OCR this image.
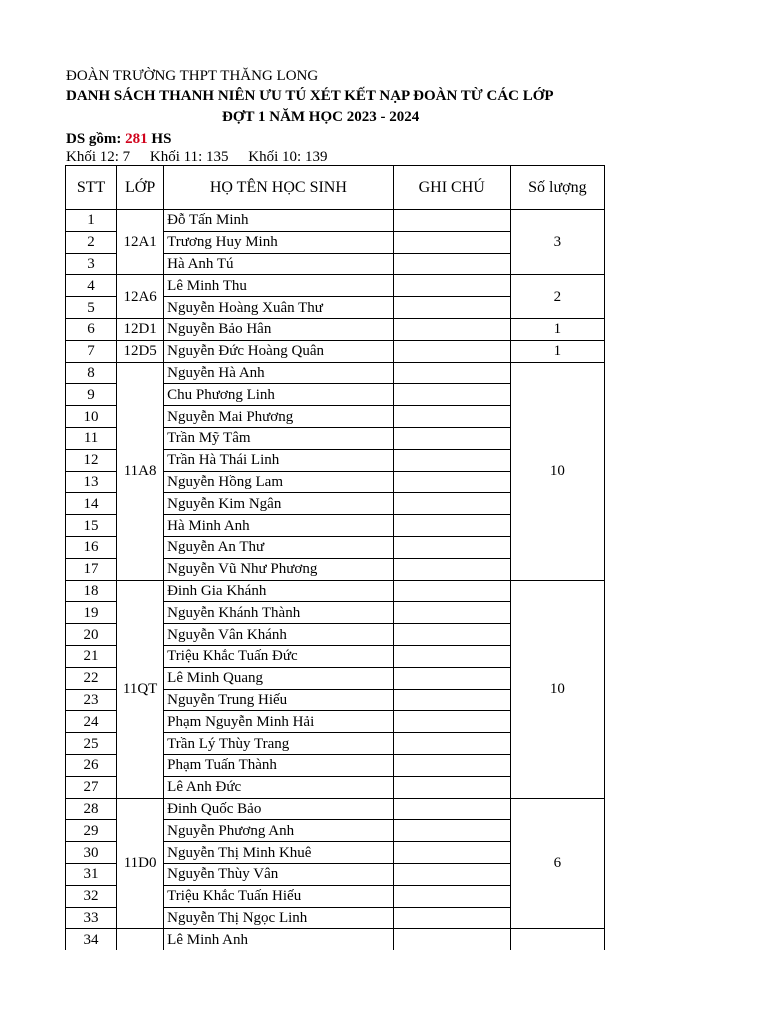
ĐOÀN TRƯỜNG THPT THĂNG LONG
DANH SÁCH THANH NIÊN ƯU TÚ XÉT KẾT NẠP ĐOÀN TỪ CÁC LỚP
ĐỢT 1 NĂM HỌC 2023 - 2024
DS gồm: 281 HS
Khối 12: 7 Khối 11: 135 Khối 10: 139
STT	LỚP	HỌ TÊN HỌC SINH	GHI CHÚ	Số lượng
1	12A1	Đỗ Tấn Minh		3
2		Trương Huy Minh		
3		Hà Anh Tú		
4	12A6	Lê Minh Thu		2
5		Nguyễn Hoàng Xuân Thư		
6	12D1	Nguyễn Bảo Hân		1
7	12D5	Nguyễn Đức Hoàng Quân		1
8	11A8	Nguyễn Hà Anh		10
9		Chu Phương Linh		
10		Nguyễn Mai Phương		
11		Trần Mỹ Tâm		
12		Trần Hà Thái Linh		
13		Nguyễn Hồng Lam		
14		Nguyễn Kim Ngân		
15		Hà Minh Anh		
16		Nguyễn An Thư		
17		Nguyễn Vũ Như Phương		
18	11QT	Đinh Gia Khánh		10
19		Nguyễn Khánh Thành		
20		Nguyễn Vân Khánh		
21		Triệu Khắc Tuấn Đức		
22		Lê Minh Quang		
23		Nguyễn Trung Hiếu		
24		Phạm Nguyễn Minh Hải		
25		Trần Lý Thùy Trang		
26		Phạm Tuấn Thành		
27		Lê Anh Đức		
28	11D0	Đinh Quốc Bảo		6
29		Nguyễn Phương Anh		
30		Nguyễn Thị Minh Khuê		
31		Nguyễn Thùy Vân		
32		Triệu Khắc Tuấn Hiếu		
33		Nguyễn Thị Ngọc Linh		
34		Lê Minh Anh		
